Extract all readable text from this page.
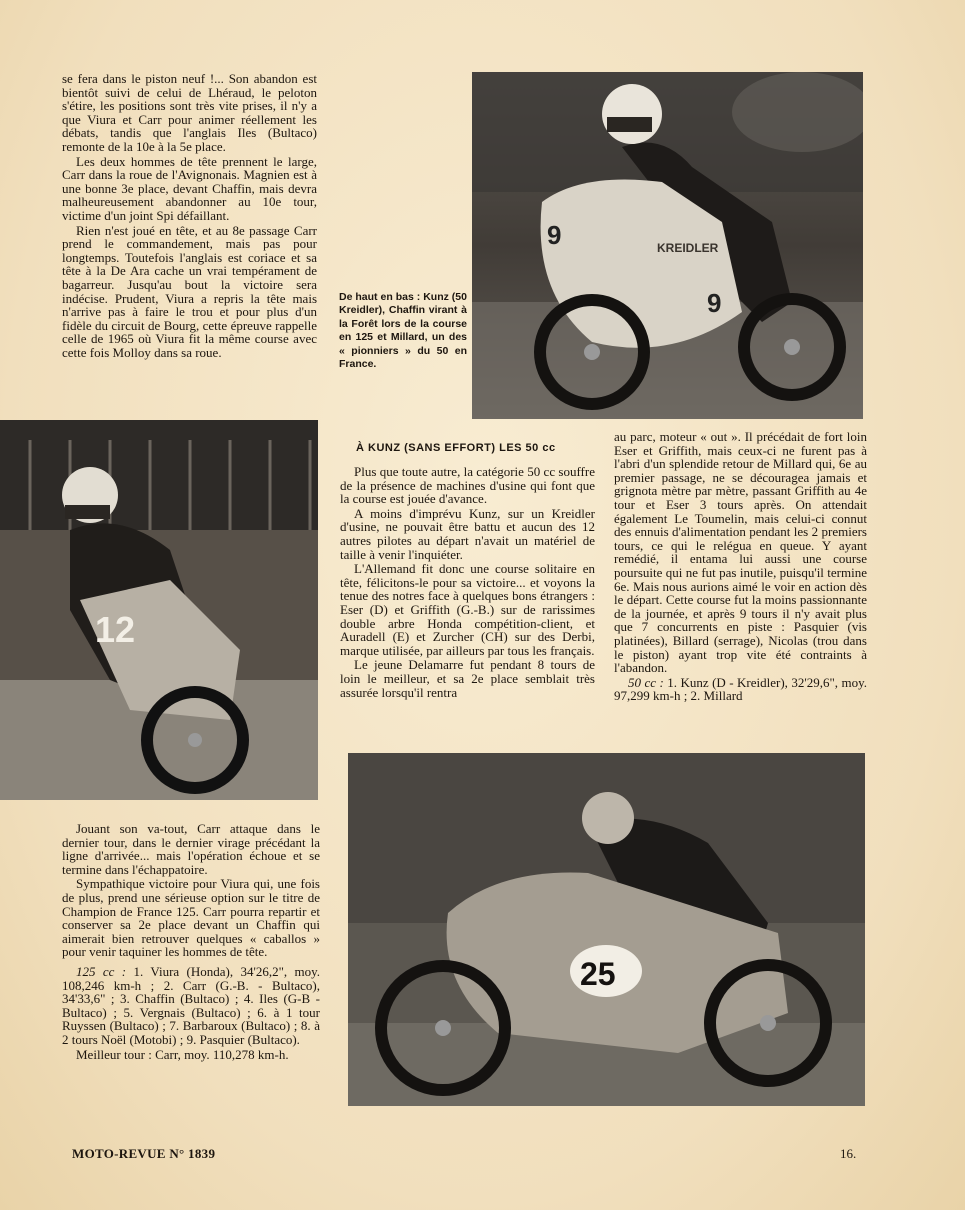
se fera dans le piston neuf !... Son abandon est bientôt suivi de celui de Lhéraud, le peloton s'étire, les positions sont très vite prises, il n'y a que Viura et Carr pour animer réellement les débats, tandis que l'anglais Iles (Bultaco) remonte de la 10e à la 5e place.

Les deux hommes de tête prennent le large, Carr dans la roue de l'Avignonais. Magnien est à une bonne 3e place, devant Chaffin, mais devra malheureusement abandonner au 10e tour, victime d'un joint Spi défaillant.

Rien n'est joué en tête, et au 8e passage Carr prend le commandement, mais pas pour longtemps. Toutefois l'anglais est coriace et sa tête à la De Ara cache un vrai tempérament de bagarreur. Jusqu'au bout la victoire sera indécise. Prudent, Viura a repris la tête mais n'arrive pas à faire le trou et pour plus d'un fidèle du circuit de Bourg, cette épreuve rappelle celle de 1965 où Viura fit la même course avec cette fois Molloy dans sa roue.

De haut en bas : Kunz (50 Kreidler), Chaffin virant à la Forêt lors de la course en 125 et Millard, un des « pionniers » du 50 en France.
KREIDLER
9
9
12
À KUNZ (SANS EFFORT) LES 50 cc

Plus que toute autre, la catégorie 50 cc souffre de la présence de machines d'usine qui font que la course est jouée d'avance.

A moins d'imprévu Kunz, sur un Kreidler d'usine, ne pouvait être battu et aucun des 12 autres pilotes au départ n'avait un matériel de taille à venir l'inquiéter.

L'Allemand fit donc une course solitaire en tête, félicitons-le pour sa victoire... et voyons la tenue des notres face à quelques bons étrangers : Eser (D) et Griffith (G.-B.) sur de rarissimes double arbre Honda compétition-client, et Auradell (E) et Zurcher (CH) sur des Derbi, marque utilisée, par ailleurs par tous les français.

Le jeune Delamarre fut pendant 8 tours de loin le meilleur, et sa 2e place semblait très assurée lorsqu'il rentra

au parc, moteur « out ». Il précédait de fort loin Eser et Griffith, mais ceux-ci ne furent pas à l'abri d'un splendide retour de Millard qui, 6e au premier passage, ne se découragea jamais et grignota mètre par mètre, passant Griffith au 4e tour et Eser 3 tours après. On attendait également Le Toumelin, mais celui-ci connut des ennuis d'alimentation pendant les 2 premiers tours, ce qui le relégua en queue. Y ayant remédié, il entama lui aussi une course poursuite qui ne fut pas inutile, puisqu'il termine 6e. Mais nous aurions aimé le voir en action dès le départ. Cette course fut la moins passionnante de la journée, et après 9 tours il n'y avait plus que 7 concurrents en piste : Pasquier (vis platinées), Billard (serrage), Nicolas (trou dans le piston) ayant trop vite été contraints à l'abandon.

50 cc : 1. Kunz (D - Kreidler), 32'29,6", moy. 97,299 km-h ; 2. Millard

25

Jouant son va-tout, Carr attaque dans le dernier tour, dans le dernier virage précédant la ligne d'arrivée... mais l'opération échoue et se termine dans l'échappatoire.

Sympathique victoire pour Viura qui, une fois de plus, prend une sérieuse option sur le titre de Champion de France 125. Carr pourra repartir et conserver sa 2e place devant un Chaffin qui aimerait bien retrouver quelques « caballos » pour venir taquiner les hommes de tête.

125 cc : 1. Viura (Honda), 34'26,2", moy. 108,246 km-h ; 2. Carr (G.-B. - Bultaco), 34'33,6" ; 3. Chaffin (Bultaco) ; 4. Iles (G-B - Bultaco) ; 5. Vergnais (Bultaco) ; 6. à 1 tour Ruyssen (Bultaco) ; 7. Barbaroux (Bultaco) ; 8. à 2 tours Noël (Motobi) ; 9. Pasquier (Bultaco).

Meilleur tour : Carr, moy. 110,278 km-h.

MOTO-REVUE N° 1839	16.
